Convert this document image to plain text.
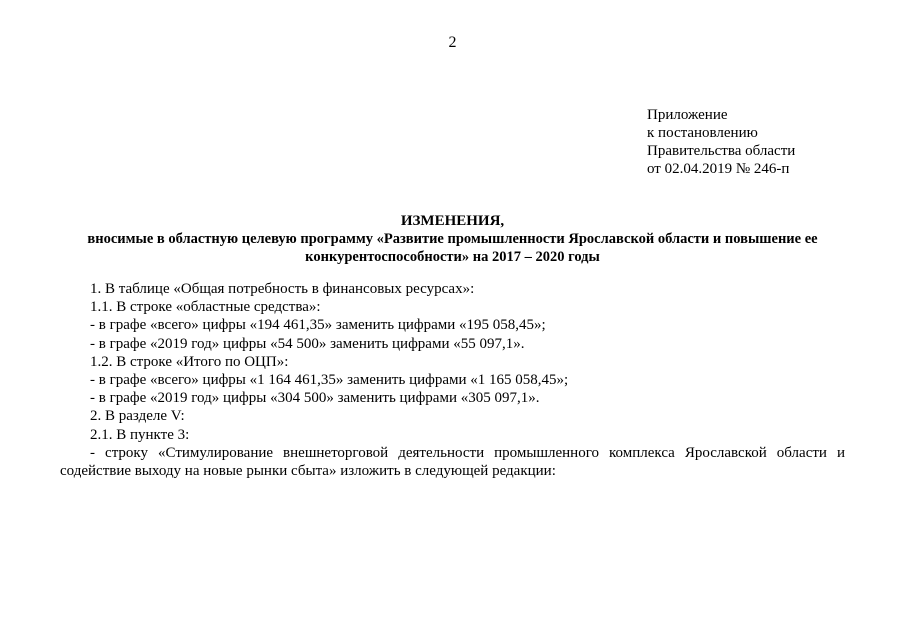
2
Приложение
к постановлению
Правительства области
от 02.04.2019 № 246-п
ИЗМЕНЕНИЯ,
вносимые в областную целевую программу «Развитие промышленности Ярославской области и повышение ее конкурентоспособности» на 2017 – 2020 годы
1. В таблице «Общая потребность в финансовых ресурсах»:
1.1. В строке «областные средства»:
- в графе «всего» цифры «194 461,35» заменить цифрами «195 058,45»;
- в графе «2019 год» цифры «54 500» заменить цифрами «55 097,1».
1.2. В строке «Итого по ОЦП»:
- в графе «всего» цифры «1 164 461,35» заменить цифрами «1 165 058,45»;
- в графе «2019 год» цифры «304 500» заменить цифрами «305 097,1».
2. В разделе V:
2.1. В пункте 3:
- строку «Стимулирование внешнеторговой деятельности промышленного комплекса Ярославской области и содействие выходу на новые рынки сбыта» изложить в следующей редакции:
